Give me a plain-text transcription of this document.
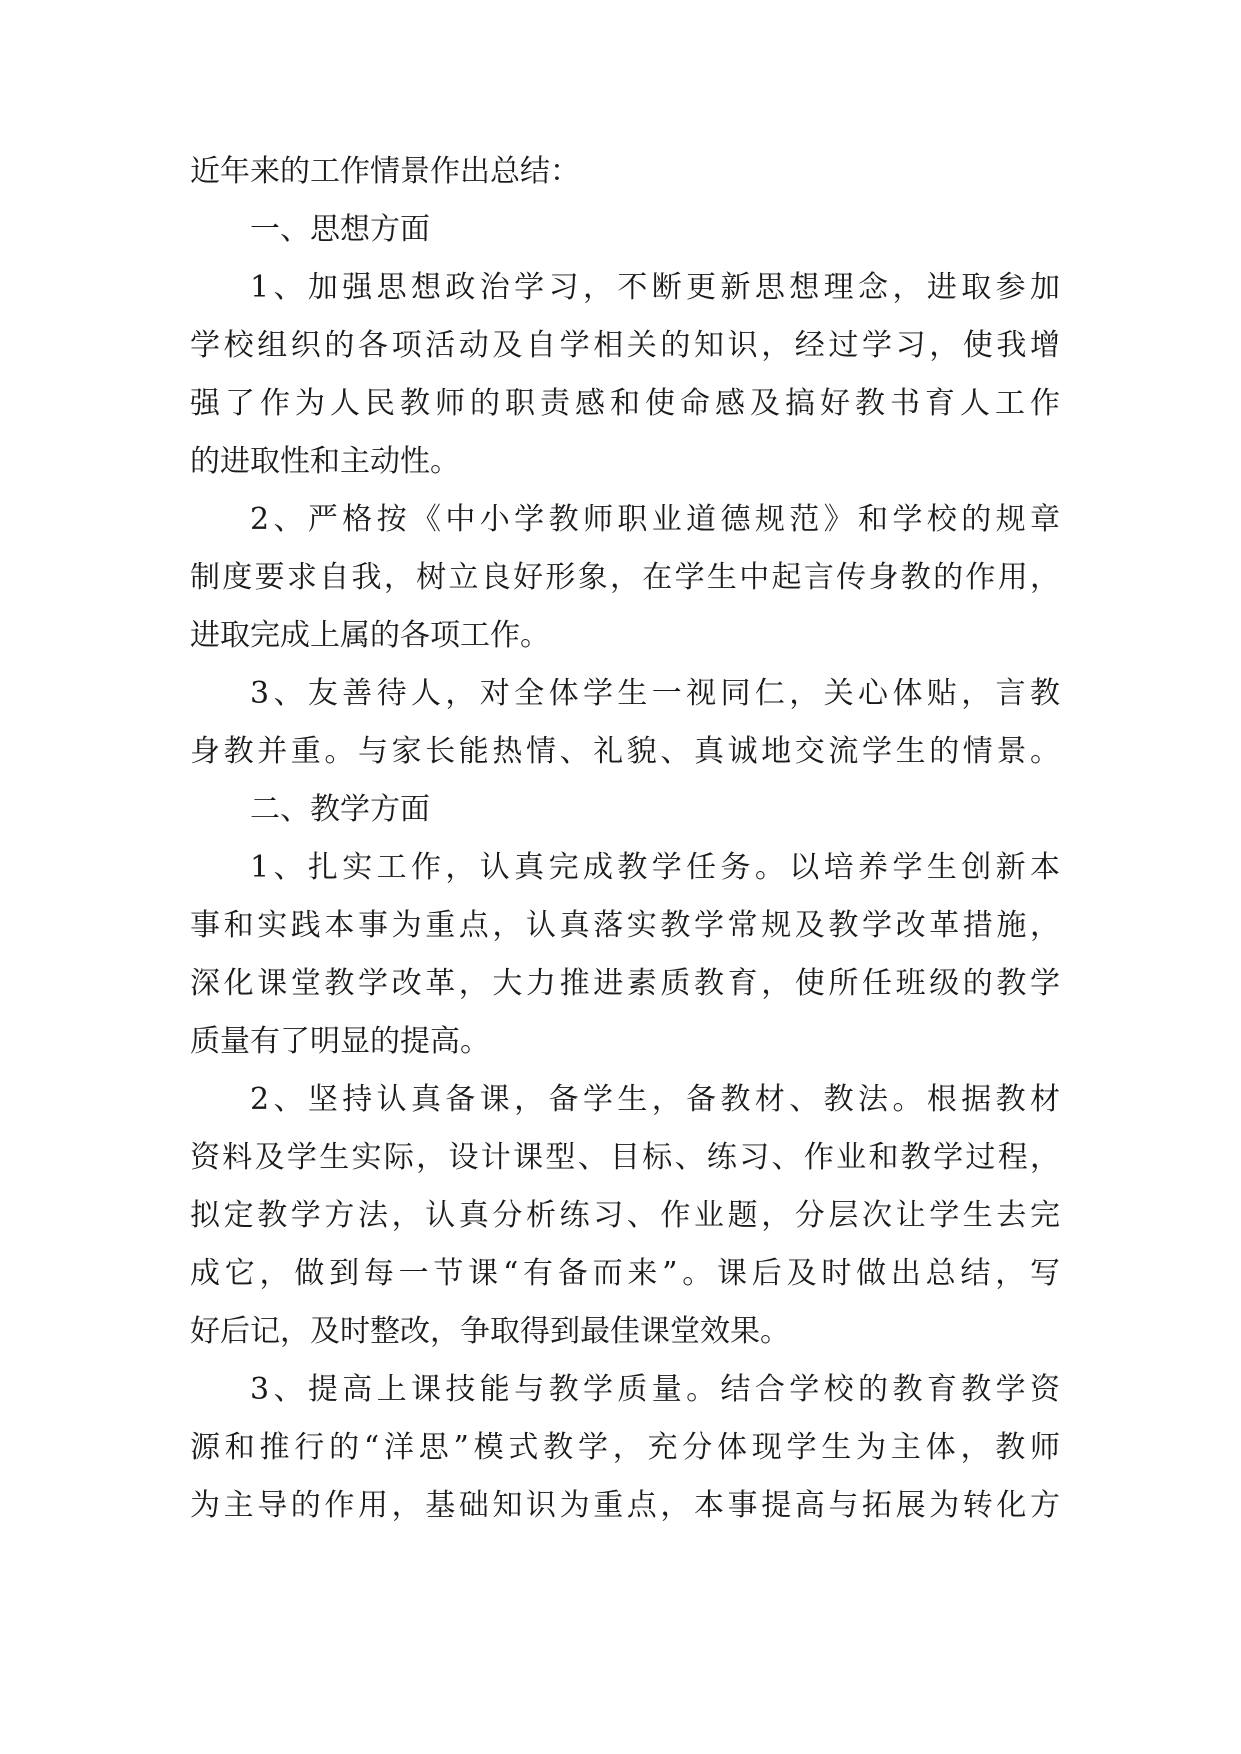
近年来的工作情景作出总结：
一、思想方面
1、加强思想政治学习，不断更新思想理念，进取参加
学校组织的各项活动及自学相关的知识，经过学习，使我增
强了作为人民教师的职责感和使命感及搞好教书育人工作
的进取性和主动性。
2、严格按《中小学教师职业道德规范》和学校的规章
制度要求自我，树立良好形象，在学生中起言传身教的作用，
进取完成上属的各项工作。
3、友善待人，对全体学生一视同仁，关心体贴，言教
身教并重。与家长能热情、礼貌、真诚地交流学生的情景。
二、教学方面
1、扎实工作，认真完成教学任务。以培养学生创新本
事和实践本事为重点，认真落实教学常规及教学改革措施，
深化课堂教学改革，大力推进素质教育，使所任班级的教学
质量有了明显的提高。
2、坚持认真备课，备学生，备教材、教法。根据教材
资料及学生实际，设计课型、目标、练习、作业和教学过程，
拟定教学方法，认真分析练习、作业题，分层次让学生去完
成它，做到每一节课“有备而来”。课后及时做出总结，写
好后记，及时整改，争取得到最佳课堂效果。
3、提高上课技能与教学质量。结合学校的教育教学资
源和推行的“洋思”模式教学，充分体现学生为主体，教师
为主导的作用，基础知识为重点，本事提高与拓展为转化方
